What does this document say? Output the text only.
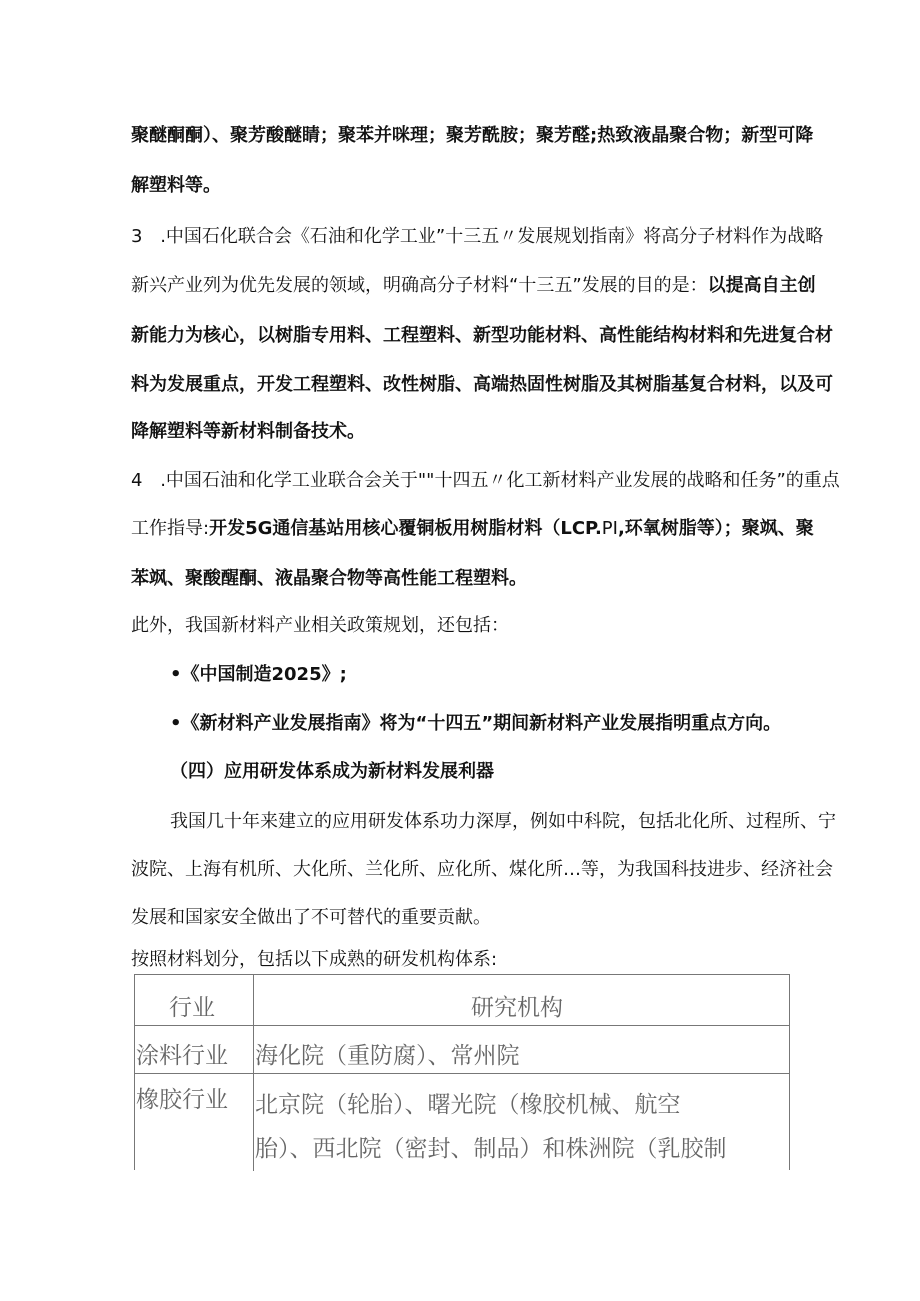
聚醚酮酮）、聚芳酸醚睛；聚苯并咪理；聚芳酰胺；聚芳醛;热致液晶聚合物；新型可降
解塑料等。
3 .中国石化联合会《石油和化学工业”十三五〃发展规划指南》将高分子材料作为战略
新兴产业列为优先发展的领域，明确高分子材料“十三五”发展的目的是：以提高自主创
新能力为核心，以树脂专用料、工程塑料、新型功能材料、高性能结构材料和先进复合材
料为发展重点，开发工程塑料、改性树脂、高端热固性树脂及其树脂基复合材料，以及可
降解塑料等新材料制备技术。
4 .中国石油和化学工业联合会关于""十四五〃化工新材料产业发展的战略和任务”的重点
工作指导:开发5G通信基站用核心覆铜板用树脂材料（LCP.PI,环氧树脂等）；聚飒、聚
苯飒、聚酸醒酮、液晶聚合物等高性能工程塑料。
此外，我国新材料产业相关政策规划，还包括：
•《中国制造2025》;
•《新材料产业发展指南》将为“十四五”期间新材料产业发展指明重点方向。
（四）应用研发体系成为新材料发展利器
我国几十年来建立的应用研发体系功力深厚，例如中科院，包括北化所、过程所、宁
波院、上海有机所、大化所、兰化所、应化所、煤化所…等，为我国科技进步、经济社会
发展和国家安全做出了不可替代的重要贡献。
按照材料划分，包括以下成熟的研发机构体系:
行业	研究机构
涂料行业 海化院（重防腐）、常州院
橡胶行业 北京院（轮胎）、曙光院（橡胶机械、航空
胎）、西北院（密封、制品）和株洲院（乳胶制
